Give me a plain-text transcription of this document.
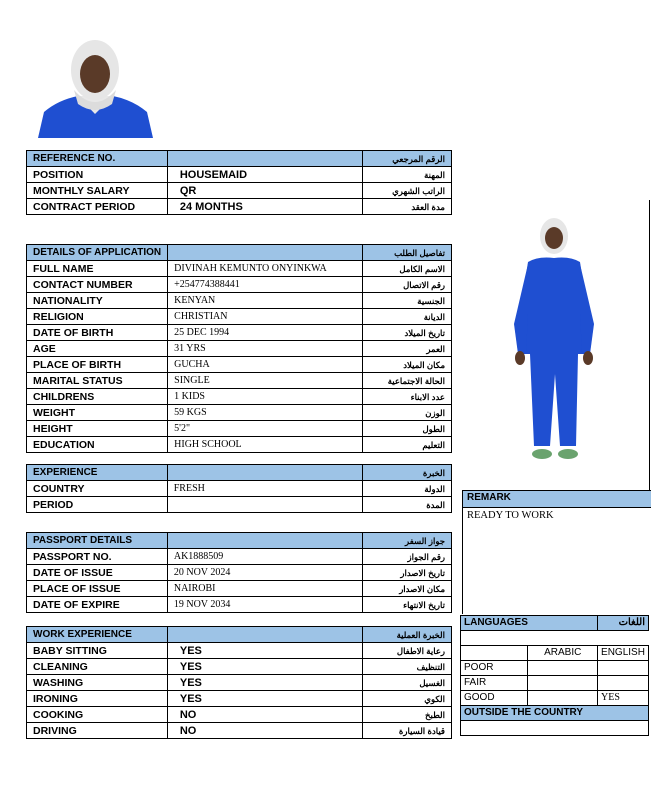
REFERENCE NO.		الرقم المرجعي
POSITION	HOUSEMAID	المهنة
MONTHLY SALARY	QR	الراتب الشهري
CONTRACT PERIOD	24 MONTHS	مدة العقد
DETAILS OF APPLICATION		تفاصيل الطلب
FULL NAME	DIVINAH KEMUNTO ONYINKWA	الاسم الكامل
CONTACT NUMBER	+254774388441	رقم الاتصال
NATIONALITY	KENYAN	الجنسية
RELIGION	CHRISTIAN	الديانة
DATE OF BIRTH	25 DEC 1994	تاريخ الميلاد
AGE	31 YRS	العمر
PLACE OF BIRTH	GUCHA	مكان الميلاد
MARITAL STATUS	SINGLE	الحالة الاجتماعية
CHILDRENS	1 KIDS	عدد الابناء
WEIGHT	59 KGS	الوزن
HEIGHT	5'2"	الطول
EDUCATION	HIGH SCHOOL	التعليم
EXPERIENCE		الخبرة
COUNTRY	FRESH	الدولة
PERIOD		المدة
PASSPORT DETAILS		جواز السفر
PASSPORT NO.	AK1888509	رقم الجواز
DATE OF ISSUE	20 NOV 2024	تاريخ الاصدار
PLACE OF ISSUE	NAIROBI	مكان الاصدار
DATE OF EXPIRE	19 NOV 2034	تاريخ الانتهاء
WORK EXPERIENCE		الخبرة العملية
BABY SITTING	YES	رعاية الاطفال
CLEANING	YES	التنظيف
WASHING	YES	الغسيل
IRONING	YES	الكوي
COOKING	NO	الطبخ
DRIVING	NO	قيادة السيارة
REMARK
READY TO WORK
LANGUAGES		اللغات

	ARABIC	ENGLISH
POOR		
FAIR		
GOOD		YES
OUTSIDE THE COUNTRY		
